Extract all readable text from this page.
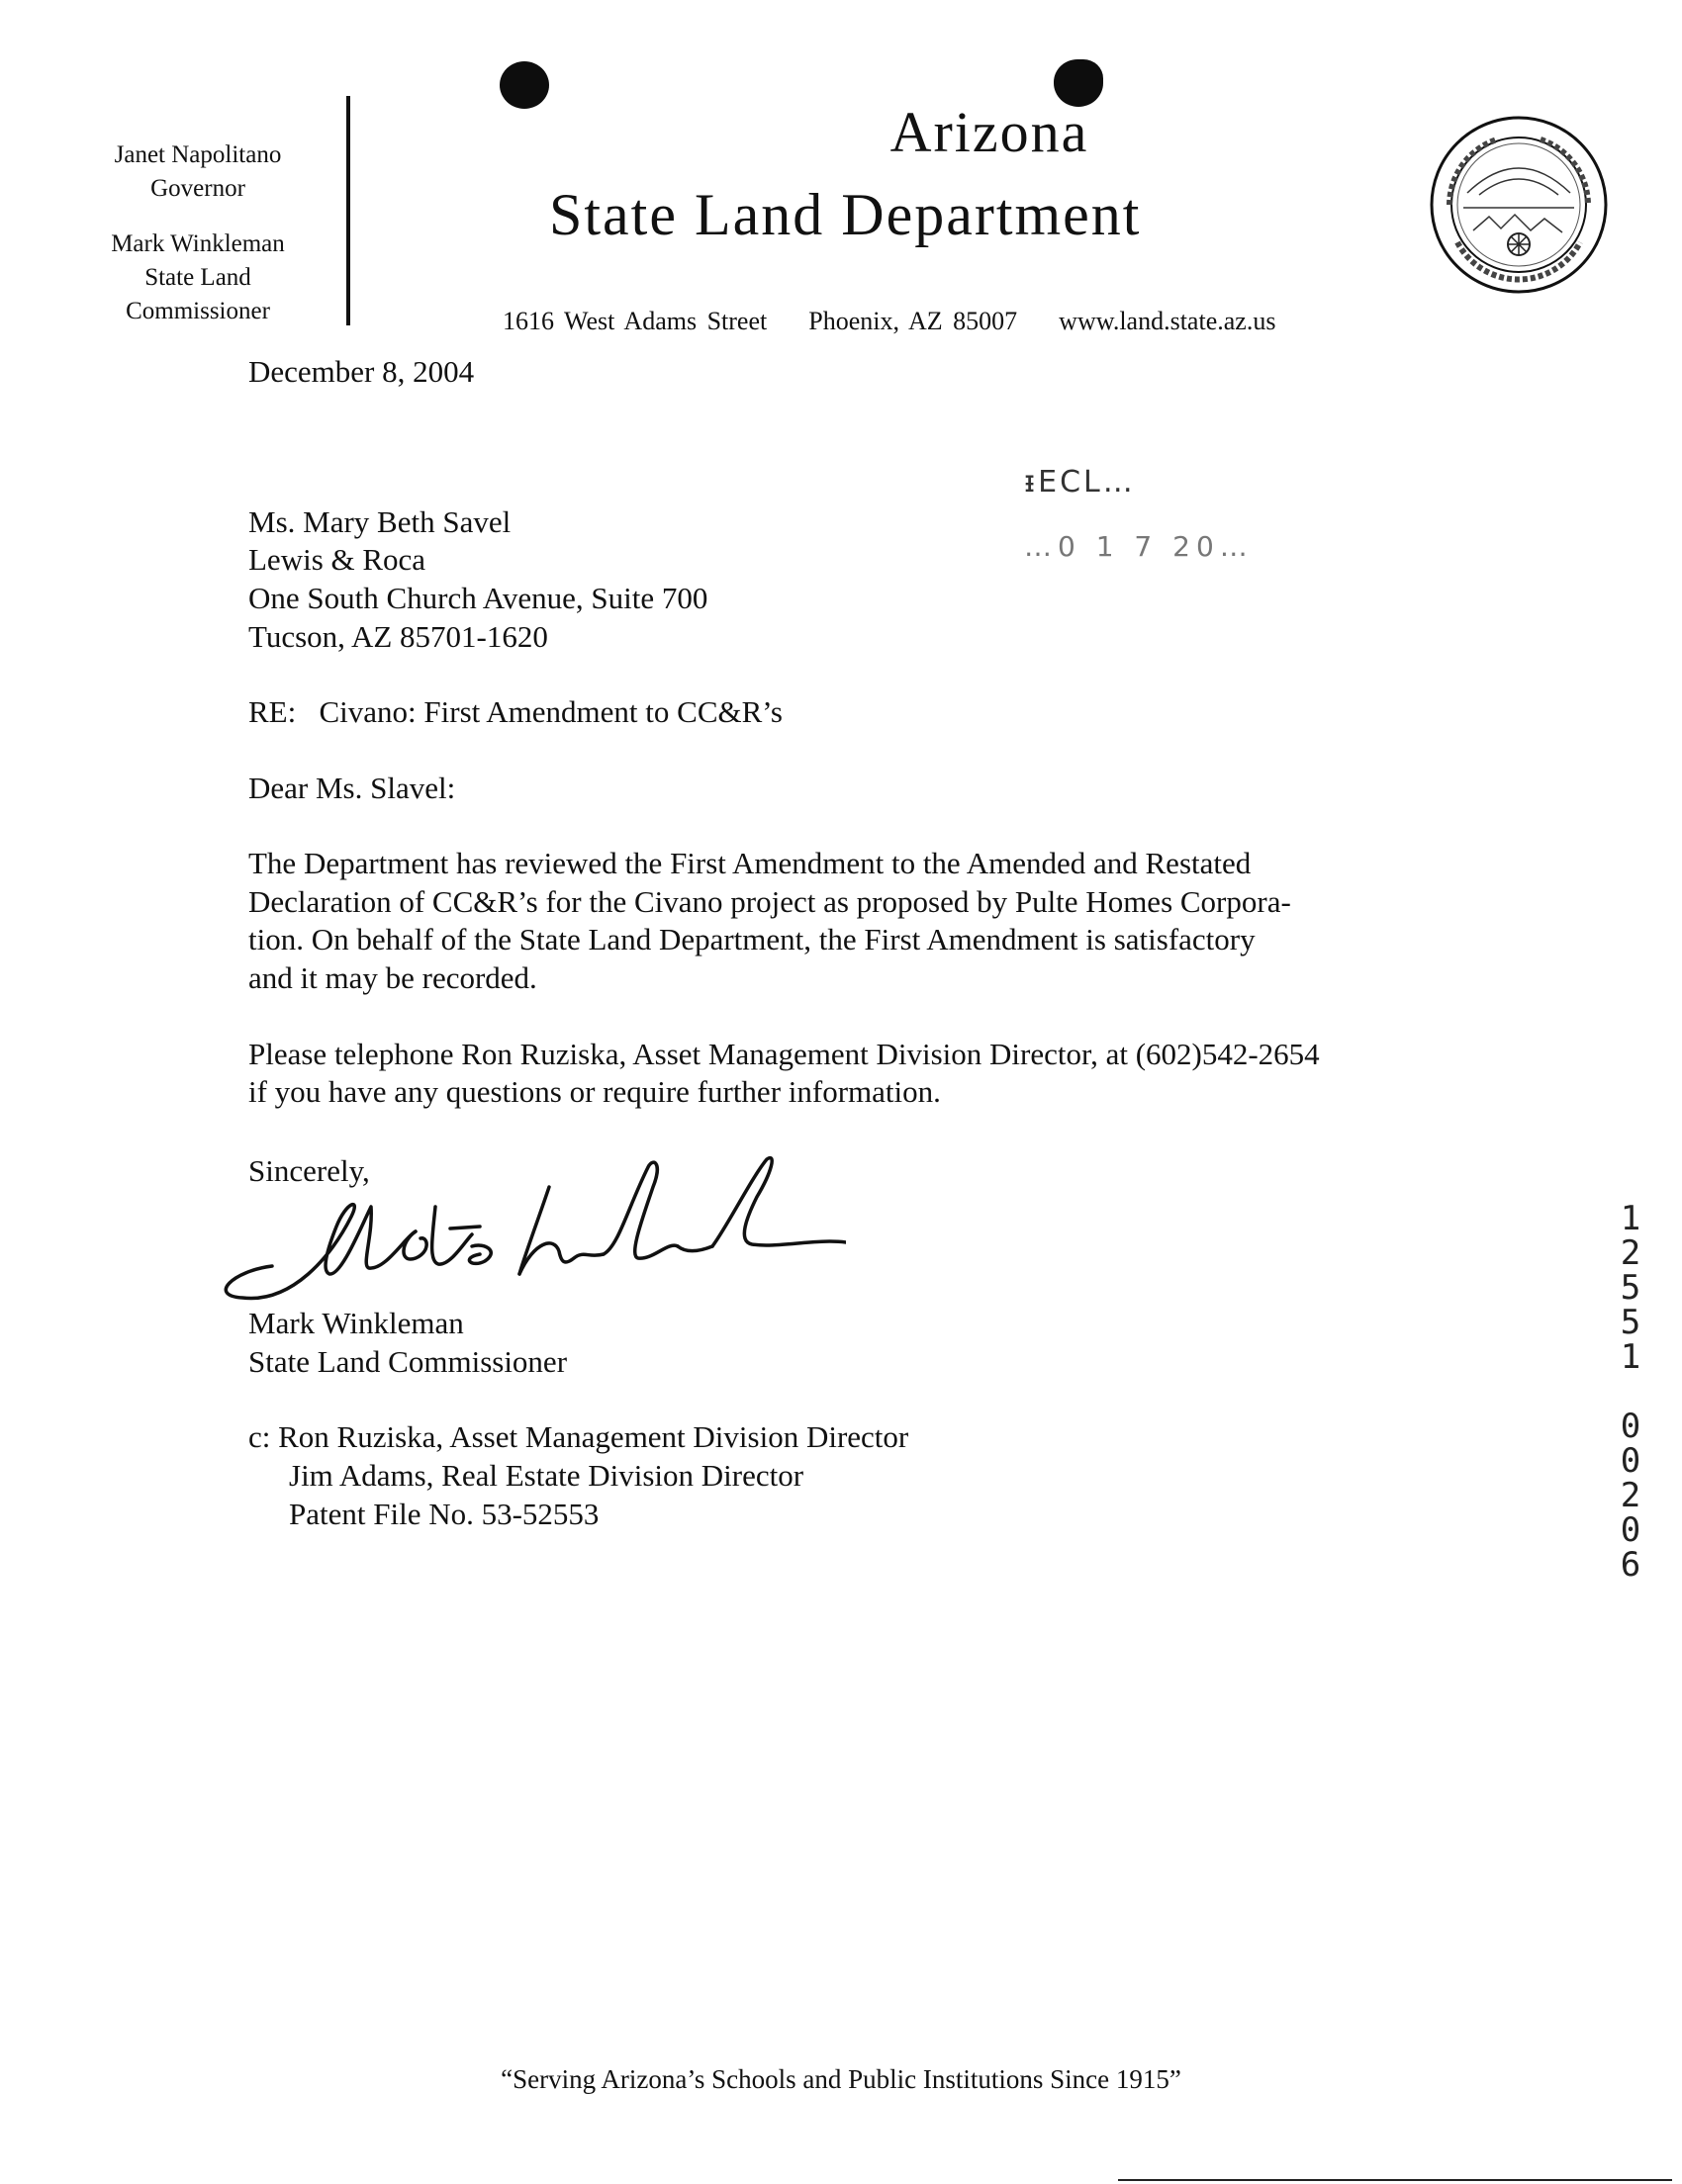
Janet Napolitano
Governor
Mark Winkleman
State Land
Commissioner
Arizona
State Land Department
1616 West Adams Street    Phoenix, AZ 85007    www.land.state.az.us
ᵻECL…
…0 1 7 20…
December 8, 2004
Ms. Mary Beth Savel
Lewis & Roca
One South Church Avenue, Suite 700
Tucson, AZ 85701-1620
RE:   Civano: First Amendment to CC&R’s
Dear Ms. Slavel:
The Department has reviewed the First Amendment to the Amended and Restated
Declaration of CC&R’s for the Civano project as proposed by Pulte Homes Corpora-
tion. On behalf of the State Land Department, the First Amendment is satisfactory
and it may be recorded.
Please telephone Ron Ruziska, Asset Management Division Director, at (602)542-2654
if you have any questions or require further information.
Sincerely,
Mark Winkleman
State Land Commissioner
c: Ron Ruziska, Asset Management Division Director
Jim Adams, Real Estate Division Director
Patent File No. 53-52553
1
2
5
5
1
0
0
2
0
6
“Serving Arizona’s Schools and Public Institutions Since 1915”
